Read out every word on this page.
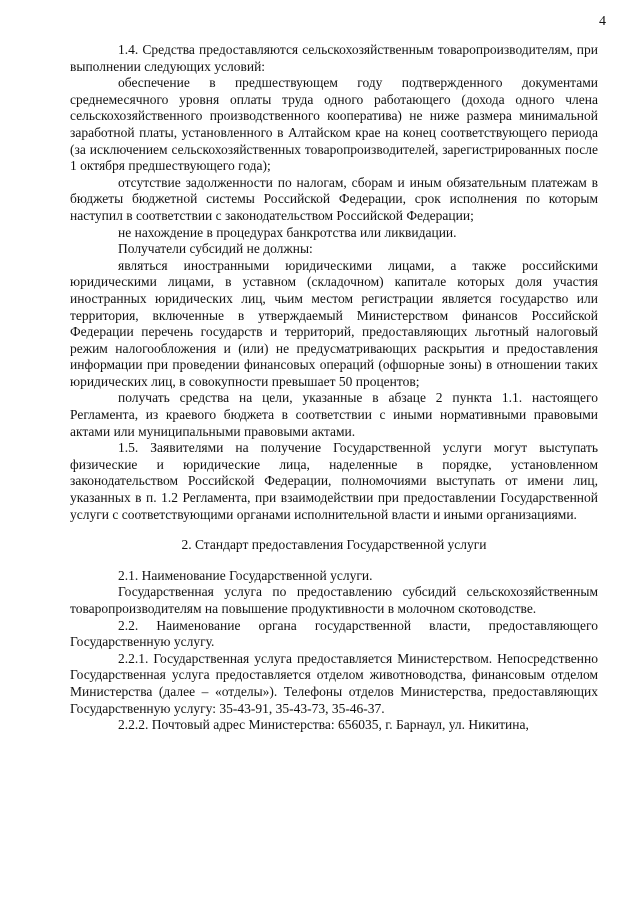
4

1.4. Средства предоставляются сельскохозяйственным товаропроизводителям, при выполнении следующих условий:

обеспечение в предшествующем году подтвержденного документами среднемесячного уровня оплаты труда одного работающего (дохода одного члена сельскохозяйственного производственного кооператива) не ниже размера минимальной заработной платы, установленного в Алтайском крае на конец соответствующего периода (за исключением сельскохозяйственных товаропроизводителей, зарегистрированных после 1 октября предшествующего года);

отсутствие задолженности по налогам, сборам и иным обязательным платежам в бюджеты бюджетной системы Российской Федерации, срок исполнения по которым наступил в соответствии с законодательством Российской Федерации;

не нахождение в процедурах банкротства или ликвидации.

Получатели субсидий не должны:

являться иностранными юридическими лицами, а также российскими юридическими лицами, в уставном (складочном) капитале которых доля участия иностранных юридических лиц, чьим местом регистрации является государство или территория, включенные в утверждаемый Министерством финансов Российской Федерации перечень государств и территорий, предоставляющих льготный налоговый режим налогообложения и (или) не предусматривающих раскрытия и предоставления информации при проведении финансовых операций (офшорные зоны) в отношении таких юридических лиц, в совокупности превышает 50 процентов;

получать средства на цели, указанные в абзаце 2 пункта 1.1. настоящего Регламента, из краевого бюджета в соответствии с иными нормативными правовыми актами или муниципальными правовыми актами.

1.5. Заявителями на получение Государственной услуги могут выступать физические и юридические лица, наделенные в порядке, установленном законодательством Российской Федерации, полномочиями выступать от имени лиц, указанных в п. 1.2 Регламента, при взаимодействии при предоставлении Государственной услуги с соответствующими органами исполнительной власти и иными организациями.

2. Стандарт предоставления Государственной услуги

2.1. Наименование Государственной услуги.

Государственная услуга по предоставлению субсидий сельскохозяйственным товаропроизводителям на повышение продуктивности в молочном скотоводстве.

2.2. Наименование органа государственной власти, предоставляющего Государственную услугу.

2.2.1. Государственная услуга предоставляется Министерством. Непосредственно Государственная услуга предоставляется отделом животноводства, финансовым отделом Министерства (далее – «отделы»). Телефоны отделов Министерства, предоставляющих Государственную услугу: 35-43-91, 35-43-73, 35-46-37.

2.2.2. Почтовый адрес Министерства: 656035, г. Барнаул, ул. Никитина,
